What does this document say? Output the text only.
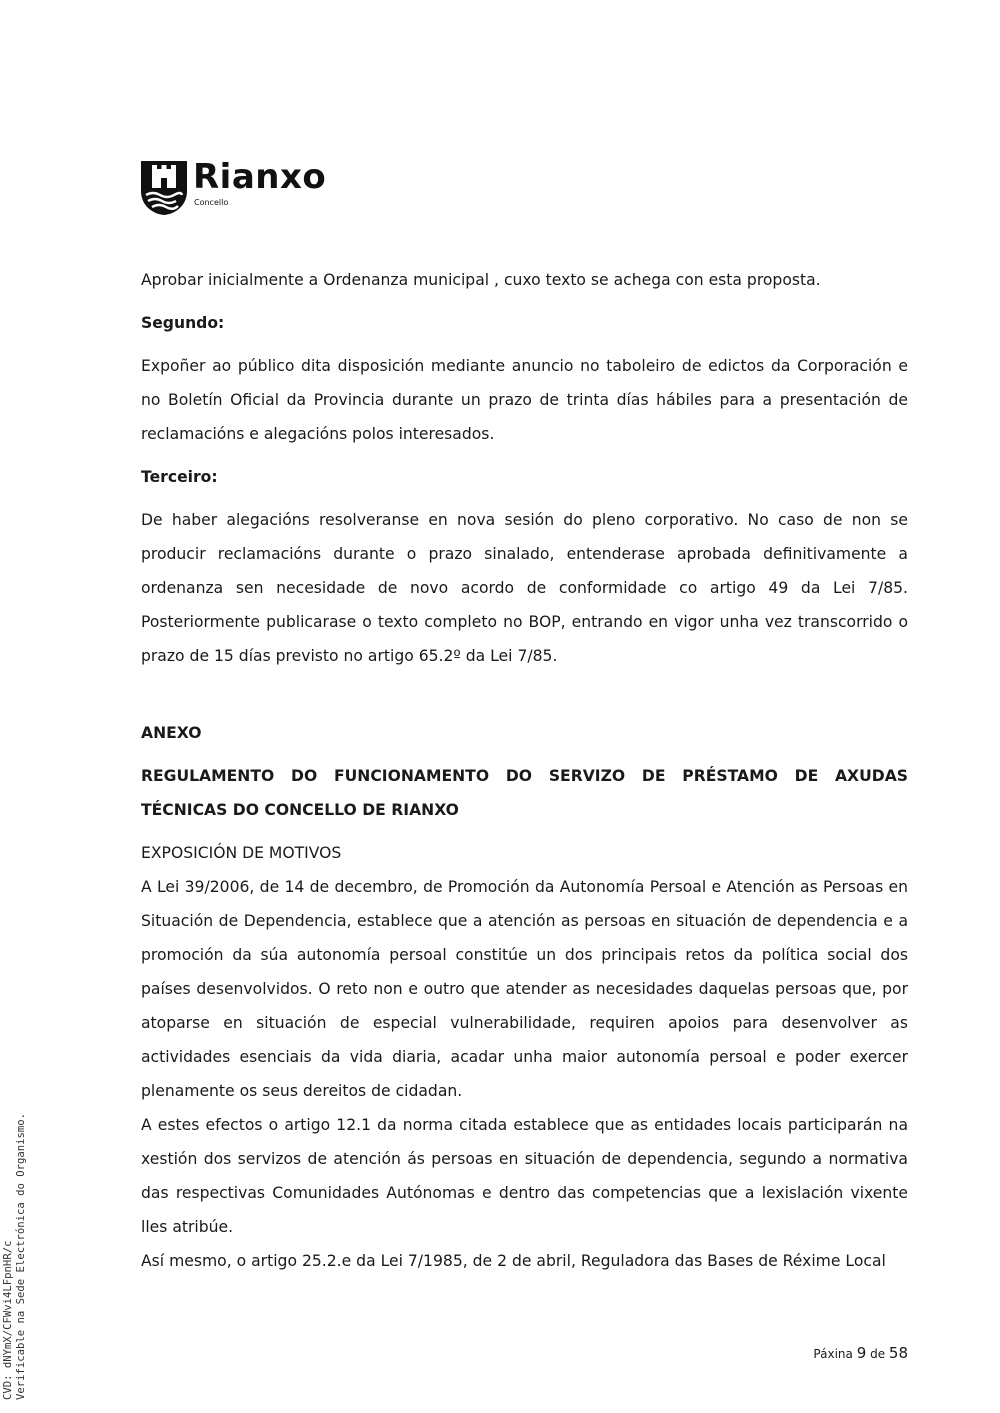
Rianxo
Concello

Aprobar inicialmente a Ordenanza municipal , cuxo texto se achega con esta proposta.

Segundo:

Expoñer ao público dita disposición mediante anuncio no taboleiro de edictos da Corporación e no Boletín Oficial da Provincia durante un prazo de trinta días hábiles para a presentación de reclamacións e alegacións polos interesados.

Terceiro:

De haber alegacións resolveranse en nova sesión do pleno corporativo. No caso de non se producir reclamacións durante o prazo sinalado, entenderase aprobada definitivamente a ordenanza sen necesidade de novo acordo de conformidade co artigo 49 da Lei 7/85. Posteriormente publicarase o texto completo no BOP, entrando en vigor unha vez transcorrido o prazo de 15 días previsto no artigo 65.2º da Lei 7/85.

ANEXO

REGULAMENTO DO FUNCIONAMENTO DO SERVIZO DE PRÉSTAMO DE AXUDAS TÉCNICAS DO CONCELLO DE RIANXO

EXPOSICIÓN DE MOTIVOS

A Lei 39/2006, de 14 de decembro, de Promoción da Autonomía Persoal e Atención as Persoas en Situación de Dependencia, establece que a atención as persoas en situación de dependencia e a promoción da súa autonomía persoal constitúe un dos principais retos da política social dos países desenvolvidos. O reto non e outro que atender as necesidades daquelas persoas que, por atoparse en situación de especial vulnerabilidade, requiren apoios para desenvolver as actividades esenciais da vida diaria, acadar unha maior autonomía persoal e poder exercer plenamente os seus dereitos de cidadan.

A estes efectos o artigo 12.1 da norma citada establece que as entidades locais participarán na xestión dos servizos de atención ás persoas en situación de dependencia, segundo a normativa das respectivas Comunidades Autónomas e dentro das competencias que a lexislación vixente lles atribúe.

Así mesmo, o artigo 25.2.e da Lei 7/1985, de 2 de abril, Reguladora das Bases de Réxime Local

Páxina 9 de 58
CVD: dNYmX/CFWvi4LFpnHR/c Verificable na Sede Electrónica do Organismo.
